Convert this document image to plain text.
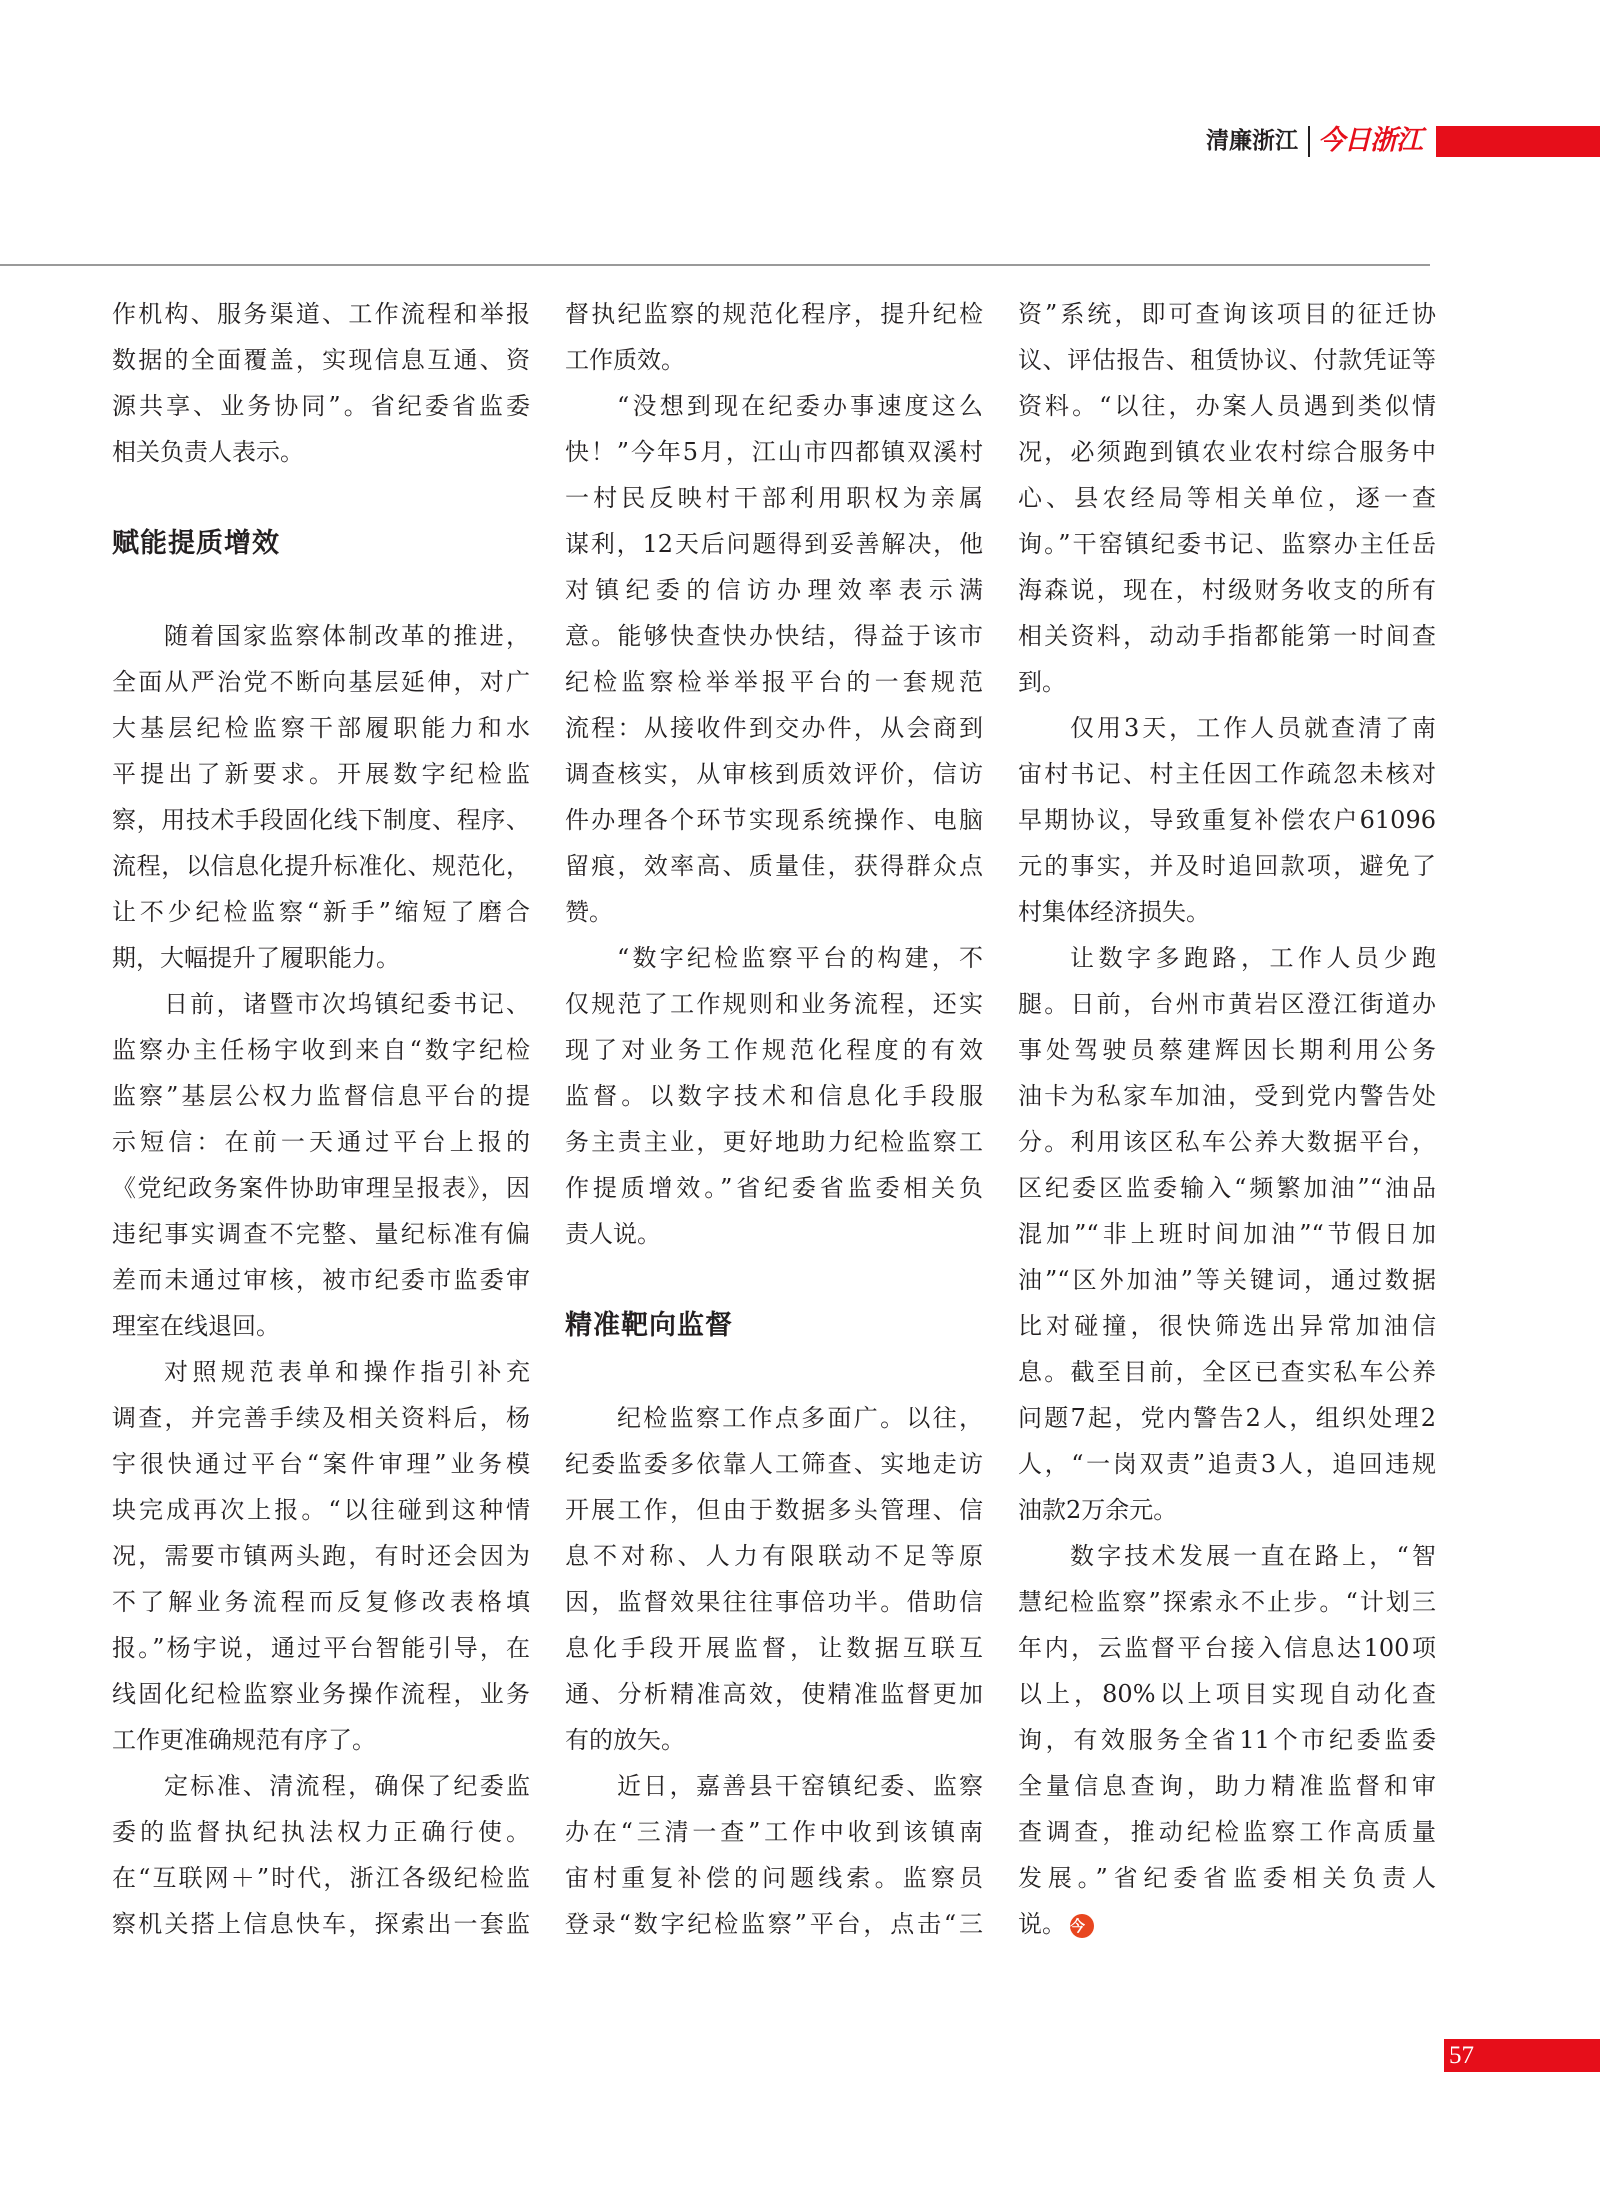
清廉浙江 今日浙江
作机构、服务渠道、工作流程和举报
数据的全面覆盖，实现信息互通、资
源共享、业务协同”。省纪委省监委
相关负责人表示。
赋能提质增效
随着国家监察体制改革的推进，
全面从严治党不断向基层延伸，对广
大基层纪检监察干部履职能力和水
平提出了新要求。开展数字纪检监
察，用技术手段固化线下制度、程序、
流程，以信息化提升标准化、规范化，
让不少纪检监察“新手”缩短了磨合
期，大幅提升了履职能力。
日前，诸暨市次坞镇纪委书记、
监察办主任杨宇收到来自“数字纪检
监察”基层公权力监督信息平台的提
示短信：在前一天通过平台上报的
《党纪政务案件协助审理呈报表》，因
违纪事实调查不完整、量纪标准有偏
差而未通过审核，被市纪委市监委审
理室在线退回。
对照规范表单和操作指引补充
调查，并完善手续及相关资料后，杨
宇很快通过平台“案件审理”业务模
块完成再次上报。“以往碰到这种情
况，需要市镇两头跑，有时还会因为
不了解业务流程而反复修改表格填
报。”杨宇说，通过平台智能引导，在
线固化纪检监察业务操作流程，业务
工作更准确规范有序了。
定标准、清流程，确保了纪委监
委的监督执纪执法权力正确行使。
在“互联网＋”时代，浙江各级纪检监
察机关搭上信息快车，探索出一套监
督执纪监察的规范化程序，提升纪检
工作质效。
“没想到现在纪委办事速度这么
快！”今年5月，江山市四都镇双溪村
一村民反映村干部利用职权为亲属
谋利，12天后问题得到妥善解决，他
对镇纪委的信访办理效率表示满
意。能够快查快办快结，得益于该市
纪检监察检举举报平台的一套规范
流程：从接收件到交办件，从会商到
调查核实，从审核到质效评价，信访
件办理各个环节实现系统操作、电脑
留痕，效率高、质量佳，获得群众点
赞。
“数字纪检监察平台的构建，不
仅规范了工作规则和业务流程，还实
现了对业务工作规范化程度的有效
监督。以数字技术和信息化手段服
务主责主业，更好地助力纪检监察工
作提质增效。”省纪委省监委相关负
责人说。
精准靶向监督
纪检监察工作点多面广。以往，
纪委监委多依靠人工筛查、实地走访
开展工作，但由于数据多头管理、信
息不对称、人力有限联动不足等原
因，监督效果往往事倍功半。借助信
息化手段开展监督，让数据互联互
通、分析精准高效，使精准监督更加
有的放矢。
近日，嘉善县干窑镇纪委、监察
办在“三清一查”工作中收到该镇南
宙村重复补偿的问题线索。监察员
登录“数字纪检监察”平台，点击“三
资”系统，即可查询该项目的征迁协
议、评估报告、租赁协议、付款凭证等
资料。“以往，办案人员遇到类似情
况，必须跑到镇农业农村综合服务中
心、县农经局等相关单位，逐一查
询。”干窑镇纪委书记、监察办主任岳
海森说，现在，村级财务收支的所有
相关资料，动动手指都能第一时间查
到。
仅用3天，工作人员就查清了南
宙村书记、村主任因工作疏忽未核对
早期协议，导致重复补偿农户61096
元的事实，并及时追回款项，避免了
村集体经济损失。
让数字多跑路，工作人员少跑
腿。日前，台州市黄岩区澄江街道办
事处驾驶员蔡建辉因长期利用公务
油卡为私家车加油，受到党内警告处
分。利用该区私车公养大数据平台，
区纪委区监委输入“频繁加油”“油品
混加”“非上班时间加油”“节假日加
油”“区外加油”等关键词，通过数据
比对碰撞，很快筛选出异常加油信
息。截至目前，全区已查实私车公养
问题7起，党内警告2人，组织处理2
人，“一岗双责”追责3人，追回违规
油款2万余元。
数字技术发展一直在路上，“智
慧纪检监察”探索永不止步。“计划三
年内，云监督平台接入信息达100项
以上，80%以上项目实现自动化查
询，有效服务全省11个市纪委监委
全量信息查询，助力精准监督和审
查调查，推动纪检监察工作高质量
发展。”省纪委省监委相关负责人
说。 今
57
